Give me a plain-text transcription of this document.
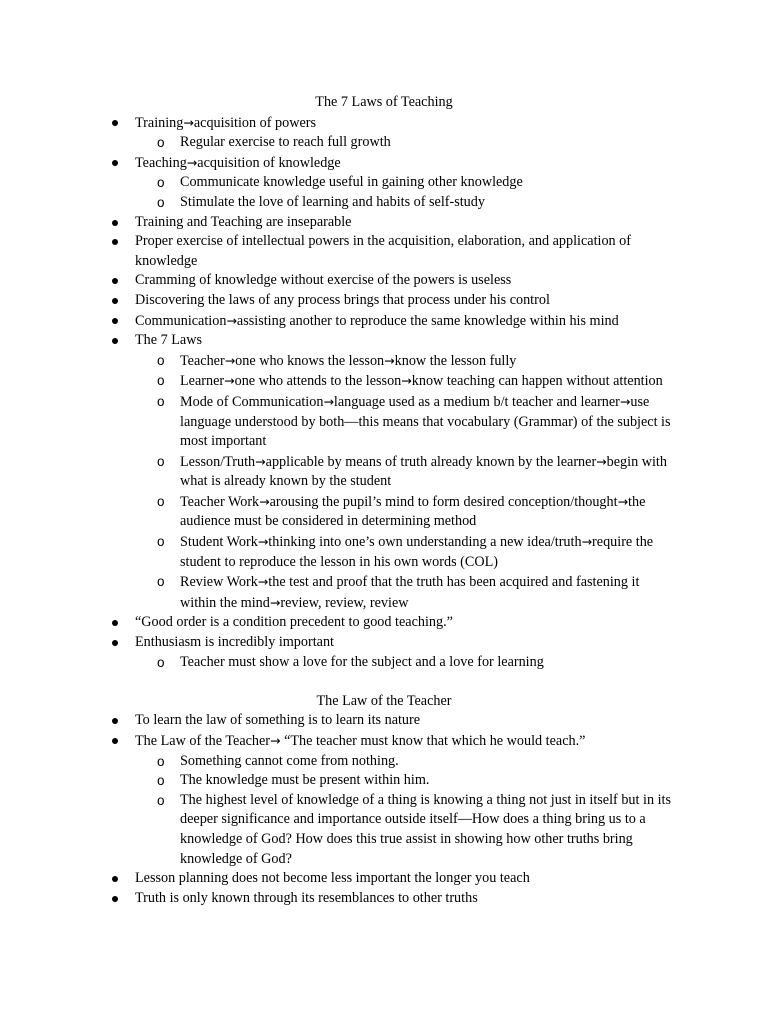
The 7 Laws of Teaching
Training→acquisition of powers
o Regular exercise to reach full growth
Teaching→acquisition of knowledge
o Communicate knowledge useful in gaining other knowledge
o Stimulate the love of learning and habits of self-study
Training and Teaching are inseparable
Proper exercise of intellectual powers in the acquisition, elaboration, and application of knowledge
Cramming of knowledge without exercise of the powers is useless
Discovering the laws of any process brings that process under his control
Communication→assisting another to reproduce the same knowledge within his mind
The 7 Laws
o Teacher→one who knows the lesson→know the lesson fully
o Learner→one who attends to the lesson→know teaching can happen without attention
o Mode of Communication→language used as a medium b/t teacher and learner→use language understood by both—this means that vocabulary (Grammar) of the subject is most important
o Lesson/Truth→applicable by means of truth already known by the learner→begin with what is already known by the student
o Teacher Work→arousing the pupil’s mind to form desired conception/thought→the audience must be considered in determining method
o Student Work→thinking into one’s own understanding a new idea/truth→require the student to reproduce the lesson in his own words (COL)
o Review Work→the test and proof that the truth has been acquired and fastening it within the mind→review, review, review
“Good order is a condition precedent to good teaching.”
Enthusiasm is incredibly important
o Teacher must show a love for the subject and a love for learning
The Law of the Teacher
To learn the law of something is to learn its nature
The Law of the Teacher→ “The teacher must know that which he would teach.”
o Something cannot come from nothing.
o The knowledge must be present within him.
o The highest level of knowledge of a thing is knowing a thing not just in itself but in its deeper significance and importance outside itself—How does a thing bring us to a knowledge of God? How does this true assist in showing how other truths bring knowledge of God?
Lesson planning does not become less important the longer you teach
Truth is only known through its resemblances to other truths
